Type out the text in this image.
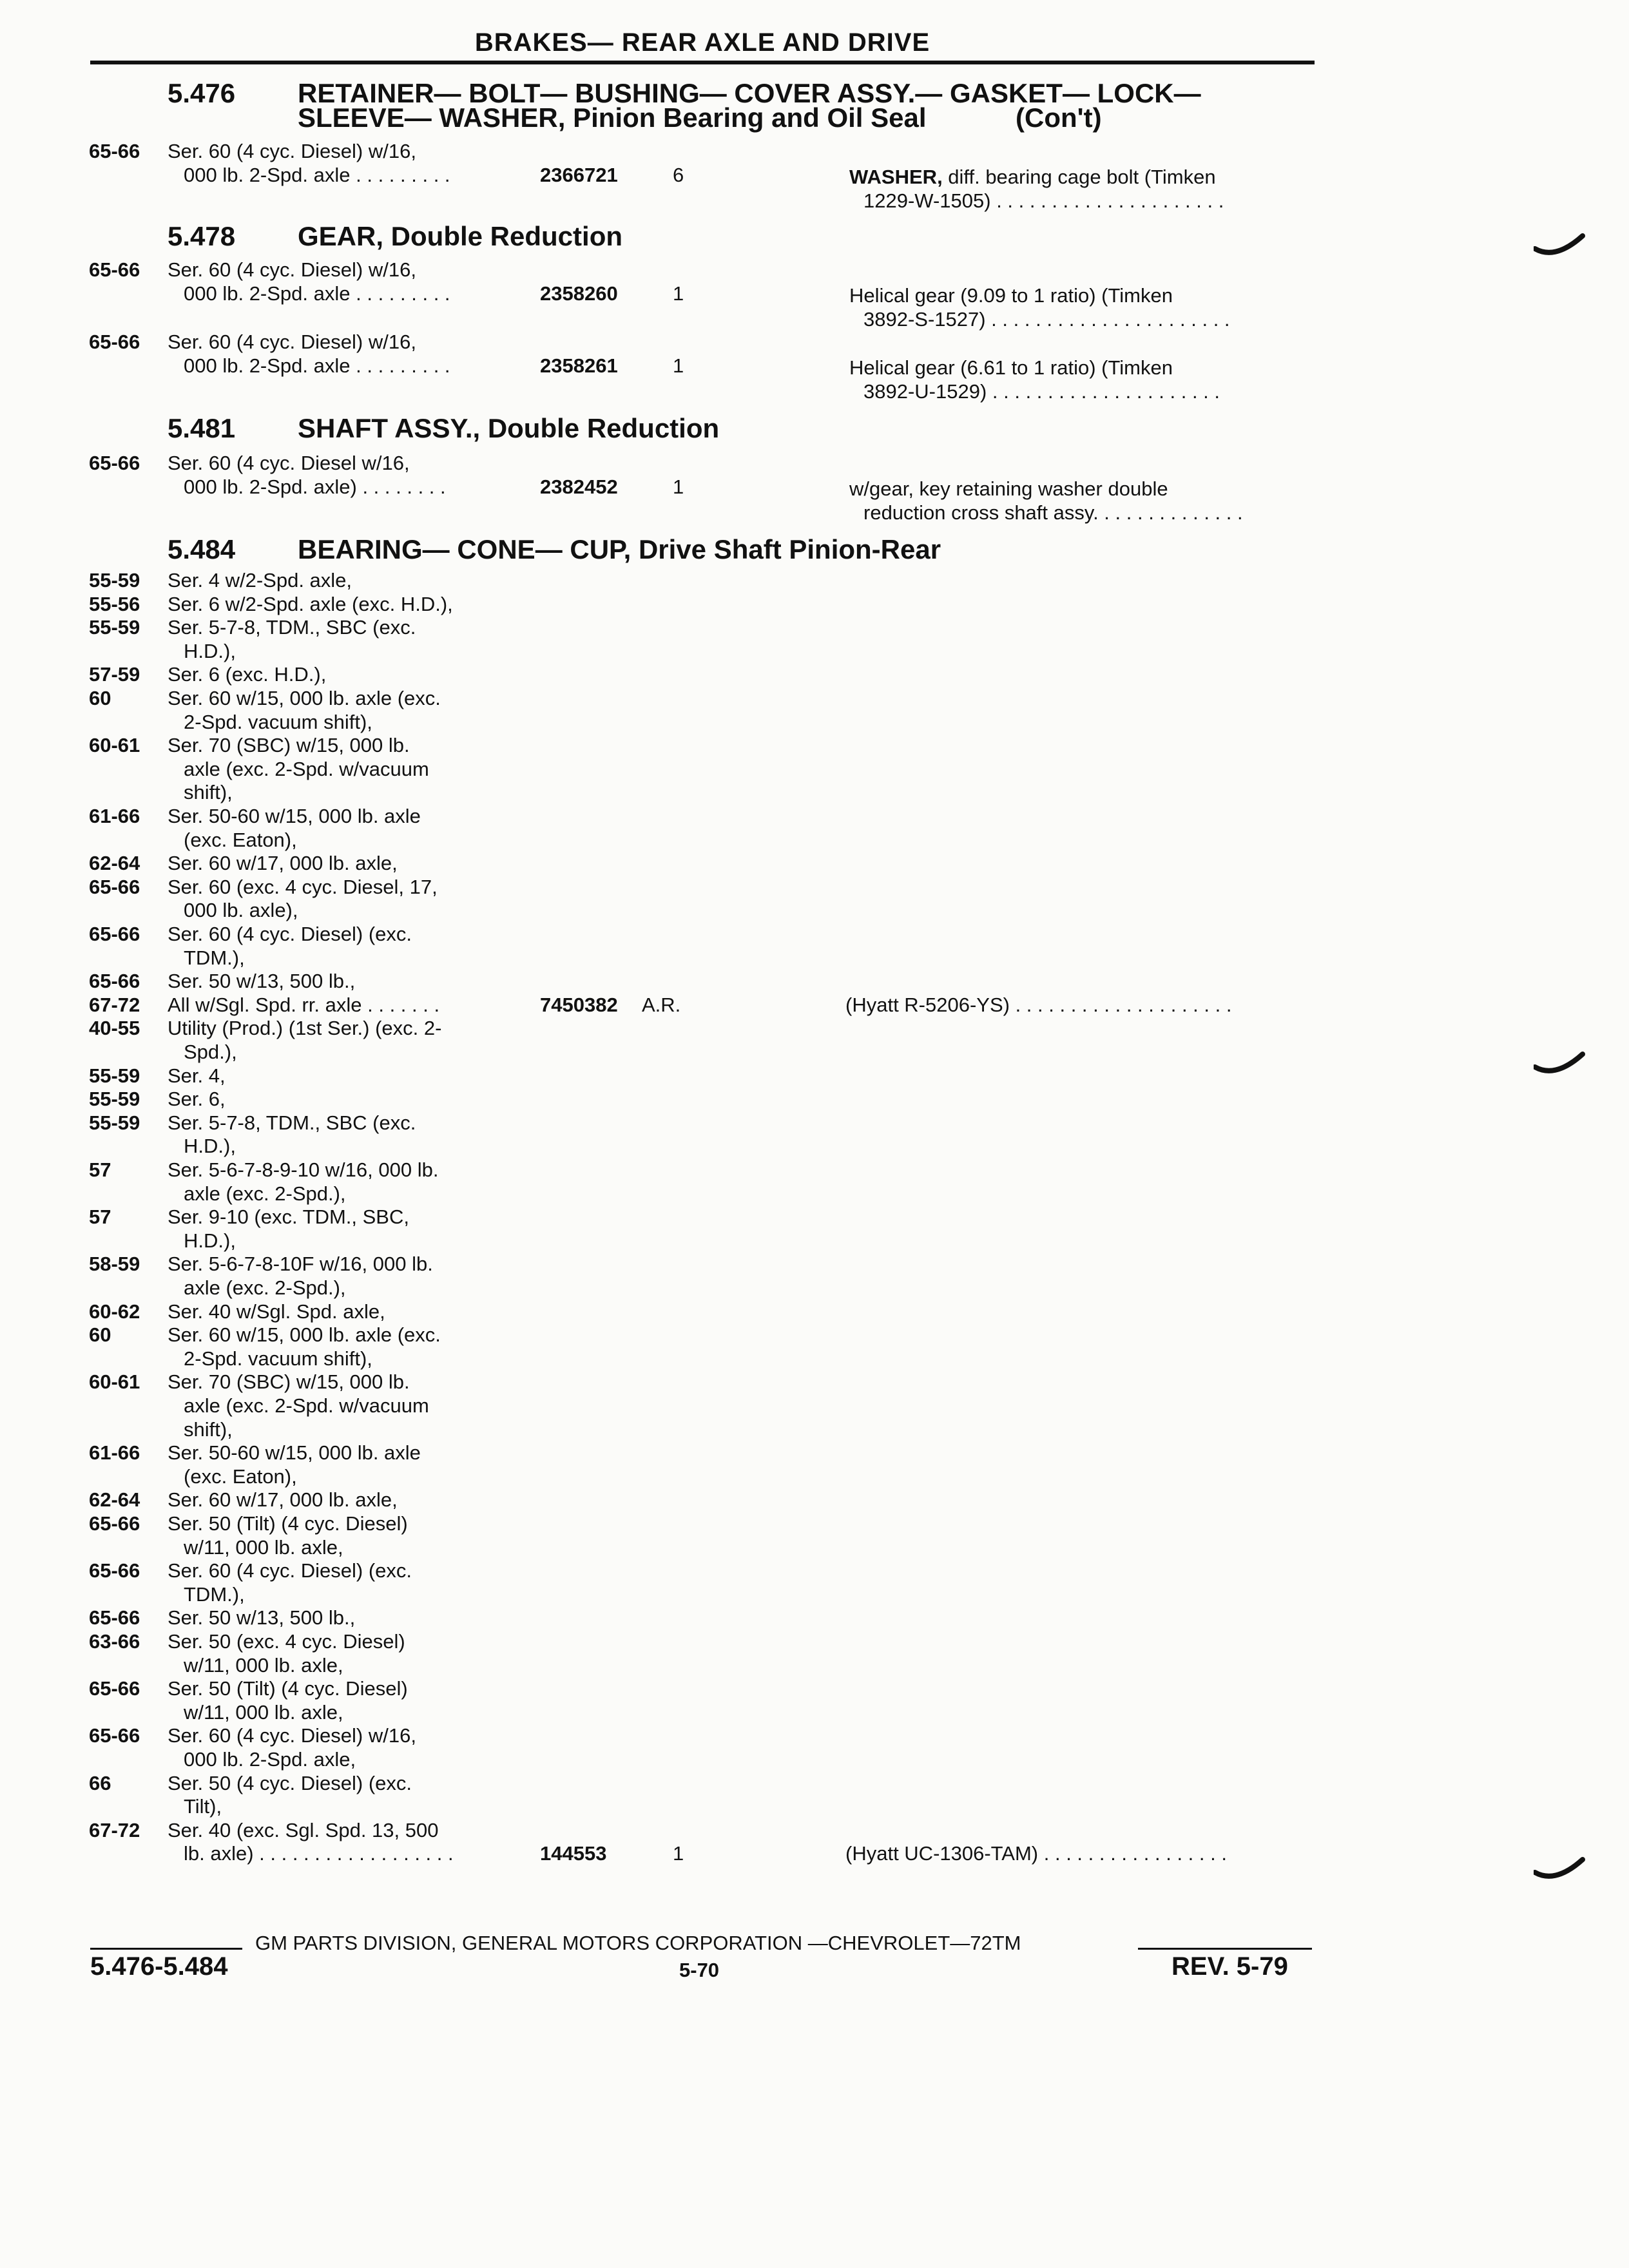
BRAKES— REAR AXLE AND DRIVE
5.476 RETAINER— BOLT— BUSHING— COVER ASSY.— GASKET— LOCK—
SLEEVE— WASHER, Pinion Bearing and Oil Seal	(Con't)
65-66 Ser. 60 (4 cyc. Diesel) w/16,
000 lb. 2-Spd. axle . . . . . . . . .	2366721	6	WASHER, diff. bearing cage bolt (Timken
1229-W-1505) . . . . . . . . . . . . . . . . . . . . .
5.478 GEAR, Double Reduction
65-66 Ser. 60 (4 cyc. Diesel) w/16,
000 lb. 2-Spd. axle . . . . . . . . .	2358260	1	Helical gear (9.09 to 1 ratio) (Timken
3892-S-1527) . . . . . . . . . . . . . . . . . . . . . .
65-66 Ser. 60 (4 cyc. Diesel) w/16,
000 lb. 2-Spd. axle . . . . . . . . .	2358261	1	Helical gear (6.61 to 1 ratio) (Timken
3892-U-1529) . . . . . . . . . . . . . . . . . . . . .
5.481 SHAFT ASSY., Double Reduction
65-66 Ser. 60 (4 cyc. Diesel w/16,
000 lb. 2-Spd. axle) . . . . . . . .	2382452	1	w/gear, key retaining washer double
reduction cross shaft assy. . . . . . . . . . . . . .
5.484 BEARING— CONE— CUP, Drive Shaft Pinion-Rear
55-59 Ser. 4 w/2-Spd. axle,
55-56 Ser. 6 w/2-Spd. axle (exc. H.D.),
55-59 Ser. 5-7-8, TDM., SBC (exc.
H.D.),
57-59 Ser. 6 (exc. H.D.),
60	Ser. 60 w/15, 000 lb. axle (exc.
2-Spd. vacuum shift),
60-61 Ser. 70 (SBC) w/15, 000 lb.
axle (exc. 2-Spd. w/vacuum
shift),
61-66 Ser. 50-60 w/15, 000 lb. axle
(exc. Eaton),
62-64 Ser. 60 w/17, 000 lb. axle,
65-66 Ser. 60 (exc. 4 cyc. Diesel, 17,
000 lb. axle),
65-66 Ser. 60 (4 cyc. Diesel) (exc.
TDM.),
65-66 Ser. 50 w/13, 500 lb.,
67-72 All w/Sgl. Spd. rr. axle . . . . . . .	7450382 A.R.	(Hyatt R-5206-YS) . . . . . . . . . . . . . . . . . . . .
40-55 Utility (Prod.) (1st Ser.) (exc. 2-
Spd.),
55-59 Ser. 4,
55-59 Ser. 6,
55-59 Ser. 5-7-8, TDM., SBC (exc.
H.D.),
57	Ser. 5-6-7-8-9-10 w/16, 000 lb.
axle (exc. 2-Spd.),
57	Ser. 9-10 (exc. TDM., SBC,
H.D.),
58-59 Ser. 5-6-7-8-10F w/16, 000 lb.
axle (exc. 2-Spd.),
60-62 Ser. 40 w/Sgl. Spd. axle,
60	Ser. 60 w/15, 000 lb. axle (exc.
2-Spd. vacuum shift),
60-61 Ser. 70 (SBC) w/15, 000 lb.
axle (exc. 2-Spd. w/vacuum
shift),
61-66 Ser. 50-60 w/15, 000 lb. axle
(exc. Eaton),
62-64 Ser. 60 w/17, 000 lb. axle,
65-66 Ser. 50 (Tilt) (4 cyc. Diesel)
w/11, 000 lb. axle,
65-66 Ser. 60 (4 cyc. Diesel) (exc.
TDM.),
65-66 Ser. 50 w/13, 500 lb.,
63-66 Ser. 50 (exc. 4 cyc. Diesel)
w/11, 000 lb. axle,
65-66 Ser. 50 (Tilt) (4 cyc. Diesel)
w/11, 000 lb. axle,
65-66 Ser. 60 (4 cyc. Diesel) w/16,
000 lb. 2-Spd. axle,
66	Ser. 50 (4 cyc. Diesel) (exc.
Tilt),
67-72 Ser. 40 (exc. Sgl. Spd. 13, 500
lb. axle) . . . . . . . . . . . . . . . . . .	144553	1	(Hyatt UC-1306-TAM) . . . . . . . . . . . . . . . . .
GM PARTS DIVISION, GENERAL MOTORS CORPORATION —CHEVROLET—72TM
5.476-5.484	5-70	REV. 5-79
